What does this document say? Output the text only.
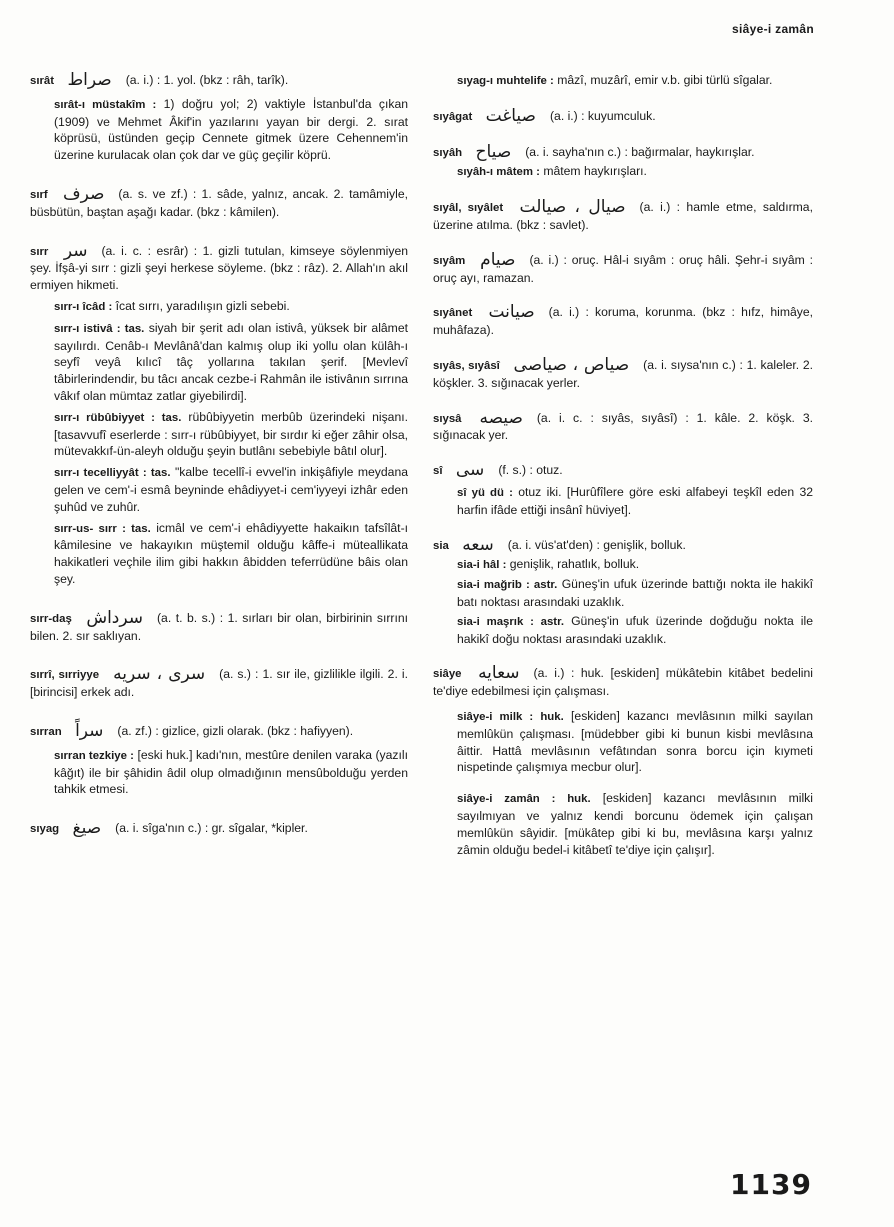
siâye-i zamân

sırât صراط (a. i.) : 1. yol. (bkz : râh, tarîk).

sırât-ı müstakîm : 1) doğru yol; 2) vaktiyle İstanbul'da çıkan (1909) ve Mehmet Âkif'in yazılarını yayan bir dergi. 2. sırat köprüsü, üstünden geçip Cennete gitmek üzere Cehennem'in üzerine kurulacak olan çok dar ve güç geçilir köprü.

sırf صرف (a. s. ve zf.) : 1. sâde, yalnız, ancak. 2. tamâmiyle, büsbütün, baştan aşağı kadar. (bkz : kâmilen).

sırr سر (a. i. c. : esrâr) : 1. gizli tutulan, kimseye söylenmiyen şey. İfşâ-yi sırr : gizli şeyi herkese söyleme. (bkz : râz). 2. Allah'ın akıl ermiyen hikmeti.

sırr-ı îcâd : îcat sırrı, yaradılışın gizli sebebi.

sırr-ı istivâ : tas. siyah bir şerit adı olan istivâ, yüksek bir alâmet sayılırdı. Cenâb-ı Mevlânâ'dan kalmış olup iki yollu olan külâh-ı seyfî veyâ kılıcî tâç yollarına takılan şerif. [Mevlevî tâbirlerindendir, bu tâcı ancak cezbe-i Rahmân ile istivânın sırrına vâkıf olan mümtaz zatlar giyebilirdi].

sırr-ı rübûbiyyet : tas. rübûbiyyetin merbûb üzerindeki nişanı. [tasavvufî eserlerde : sırr-ı rübûbiyyet, bir sırdır ki eğer zâhir olsa, mütevakkıf-ün-aleyh olduğu şeyin butlânı sebebiyle bâtıl olur].

sırr-ı tecelliyyât : tas. "kalbe tecellî-i evvel'in inkişâfiyle meydana gelen ve cem'-i esmâ beyninde ehâdiyyet-i cem'iyyeyi izhâr eden şuhûd ve zuhûr.

sırr-us- sırr : tas. icmâl ve cem'-i ehâdiyyette hakaikın tafsîlât-ı kâmilesine ve hakayıkın müştemil olduğu kâffe-i müteallikata hakikatleri veçhile ilim gibi hakkın âbidden teferrüdüne bâis olan şey.

sırr-daş سرداش (a. t. b. s.) : 1. sırları bir olan, birbirinin sırrını bilen. 2. sır saklıyan.

sırrî, sırriyye سرى ، سريه (a. s.) : 1. sır ile, gizlilikle ilgili. 2. i. [birincisi] erkek adı.

sırran سراً (a. zf.) : gizlice, gizli olarak. (bkz : hafiyyen).

sırran tezkiye : [eski huk.] kadı'nın, mestûre denilen varaka (yazılı kâğıt) ile bir şâhidin âdil olup olmadığının mensûbolduğu yerden tahkik etmesi.

sıyag صيغ (a. i. sîga'nın c.) : gr. sîgalar, *kipler.

sıyag-ı muhtelife : mâzî, muzârî, emir v.b. gibi türlü sîgalar.

sıyâgat صياغت (a. i.) : kuyumculuk.

sıyâh صياح (a. i. sayha'nın c.) : bağırmalar, haykırışlar.

sıyâh-ı mâtem : mâtem haykırışları.

sıyâl, sıyâlet صيال ، صيالت (a. i.) : hamle etme, saldırma, üzerine atılma. (bkz : savlet).

sıyâm صيام (a. i.) : oruç. Hâl-i sıyâm : oruç hâli. Şehr-i sıyâm : oruç ayı, ramazan.

sıyânet صيانت (a. i.) : koruma, korunma. (bkz : hıfz, himâye, muhâfaza).

sıyâs, sıyâsî صياص ، صياصى (a. i. sıysa'nın c.) : 1. kaleler. 2. köşkler. 3. sığınacak yerler.

sıysâ صيصه (a. i. c. : sıyâs, sıyâsî) : 1. kâle. 2. köşk. 3. sığınacak yer.

sî سى (f. s.) : otuz.

sî yü dü : otuz iki. [Hurûfîlere göre eski alfabeyi teşkîl eden 32 harfin ifâde ettiği insânî hüviyet].

sia سعه (a. i. vüs'at'den) : genişlik, bolluk.

sia-i hâl : genişlik, rahatlık, bolluk.

sia-i mağrib : astr. Güneş'in ufuk üzerinde battığı nokta ile hakikî batı noktası arasındaki uzaklık.

sia-i maşrık : astr. Güneş'in ufuk üzerinde doğduğu nokta ile hakikî doğu noktası arasındaki uzaklık.

siâye سعايه (a. i.) : huk. [eskiden] mükâtebin kitâbet bedelini te'diye edebilmesi için çalışması.

siâye-i milk : huk. [eskiden] kazancı mevlâsının milki sayılan memlûkün çalışması. [müdebber gibi ki bunun kisbi mevlâsına âittir. Hattâ mevlâsının vefâtından sonra borcu için kıymeti nispetinde çalışmıya mecbur olur].

siâye-i zamân : huk. [eskiden] kazancı mevlâsının milki sayılmıyan ve yalnız kendi borcunu ödemek için çalışan memlûkün sâyidir. [mükâtep gibi ki bu, mevlâsına karşı yalnız zâmin olduğu bedel-i kitâbetî te'diye için çalışır].

1139
